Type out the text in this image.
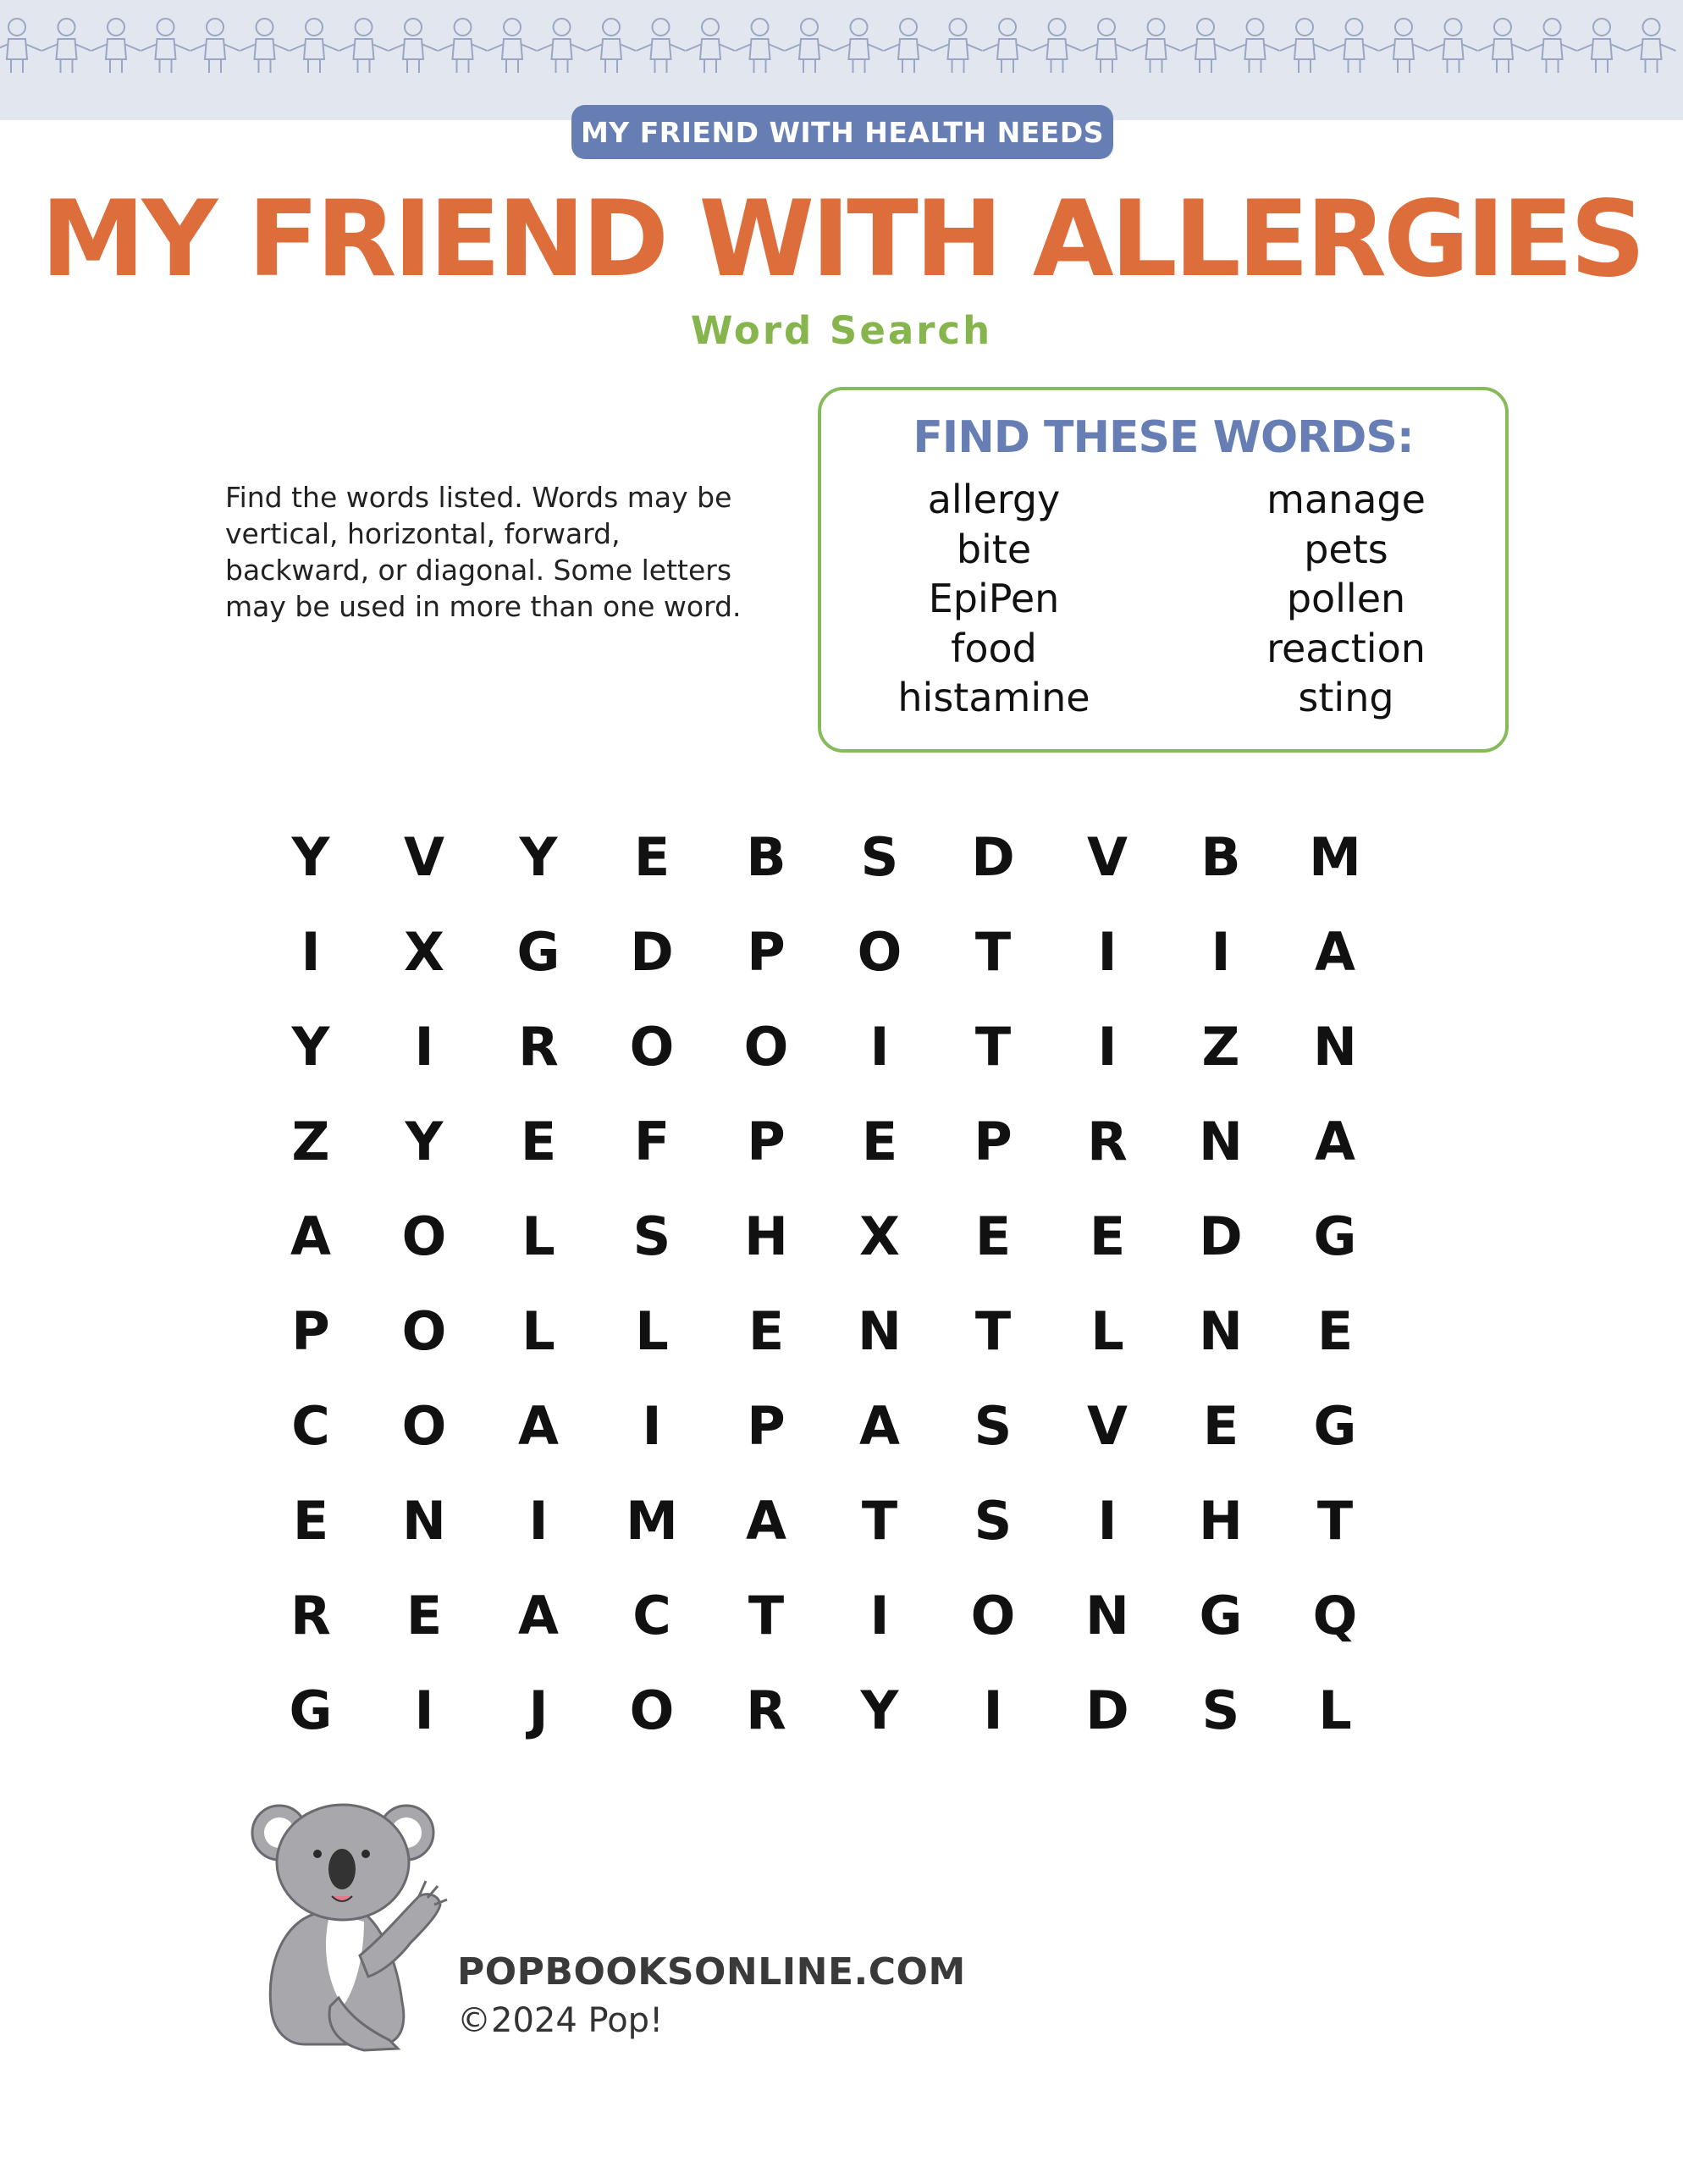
MY FRIEND WITH HEALTH NEEDS
MY FRIEND WITH ALLERGIES
Word Search
Find the words listed. Words may be vertical, horizontal, forward, backward, or diagonal. Some letters may be used in more than one word.
FIND THESE WORDS:
allergy
bite
EpiPen
food
histamine
manage
pets
pollen
reaction
sting
Y	V	Y	E	B	S	D	V	B	M
I	X	G	D	P	O	T	I	I	A
Y	I	R	O	O	I	T	I	Z	N
Z	Y	E	F	P	E	P	R	N	A
A	O	L	S	H	X	E	E	D	G
P	O	L	L	E	N	T	L	N	E
C	O	A	I	P	A	S	V	E	G
E	N	I	M	A	T	S	I	H	T
R	E	A	C	T	I	O	N	G	Q
G	I	J	O	R	Y	I	D	S	L
POPBOOKSONLINE.COM
©2024 Pop!
